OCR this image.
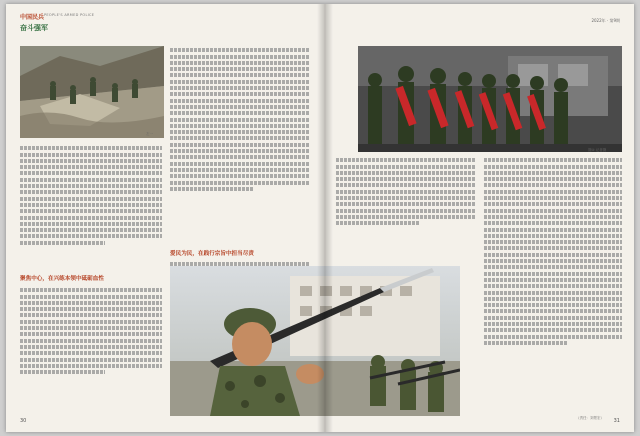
中国民兵 PEOPLE'S ARMED POLICE
奋斗强军
左一
聚焦中心，在兴练本领中砥砺血性
爱民为民，在践行宗旨中担当尽责
30
2022年 · 第9期
图④ 记者摄
（责任：刘景宏） 31
